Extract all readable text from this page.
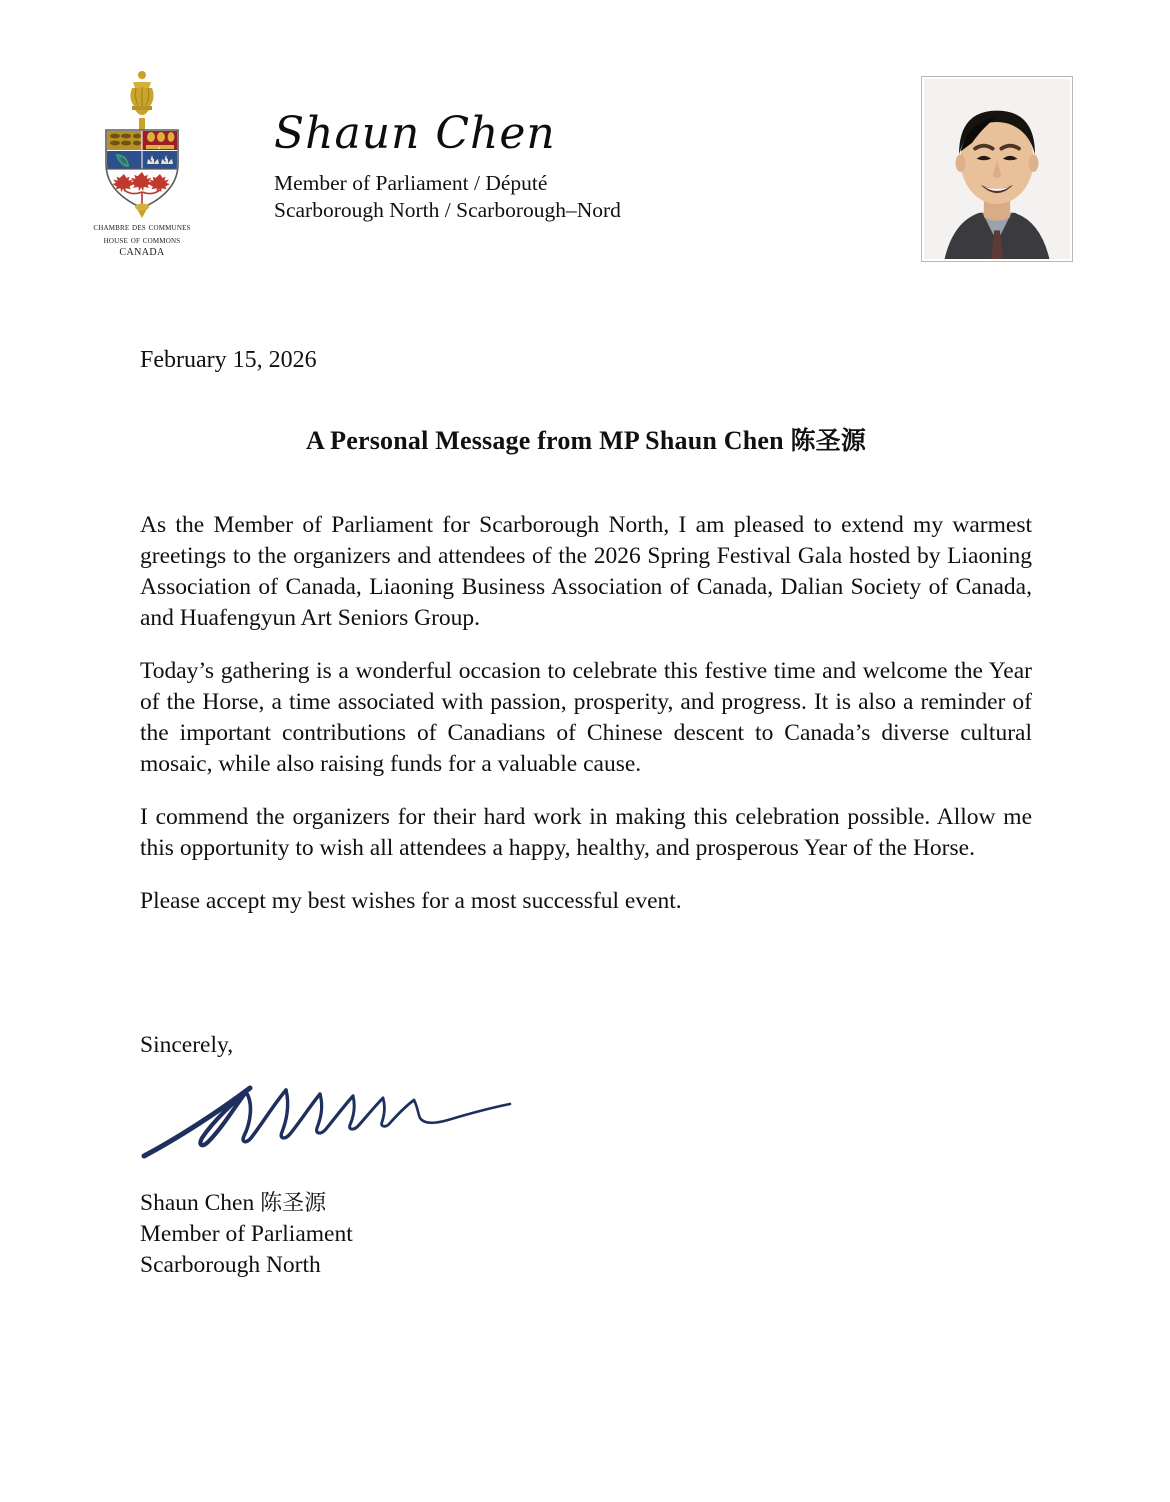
chambre des communes
house of commons
CANADA
Shaun Chen
Member of Parliament / Député
Scarborough North / Scarborough–Nord
February 15, 2026
A Personal Message from MP Shaun Chen 陈圣源

As the Member of Parliament for Scarborough North, I am pleased to extend my warmest greetings to the organizers and attendees of the 2026 Spring Festival Gala hosted by Liaoning Association of Canada, Liaoning Business Association of Canada, Dalian Society of Canada, and Huafengyun Art Seniors Group.

Today’s gathering is a wonderful occasion to celebrate this festive time and welcome the Year of the Horse, a time associated with passion, prosperity, and progress. It is also a reminder of the important contributions of Canadians of Chinese descent to Canada’s diverse cultural mosaic, while also raising funds for a valuable cause.

I commend the organizers for their hard work in making this celebration possible. Allow me this opportunity to wish all attendees a happy, healthy, and prosperous Year of the Horse.

Please accept my best wishes for a most successful event.

Sincerely,
Shaun Chen 陈圣源
Member of Parliament
Scarborough North
